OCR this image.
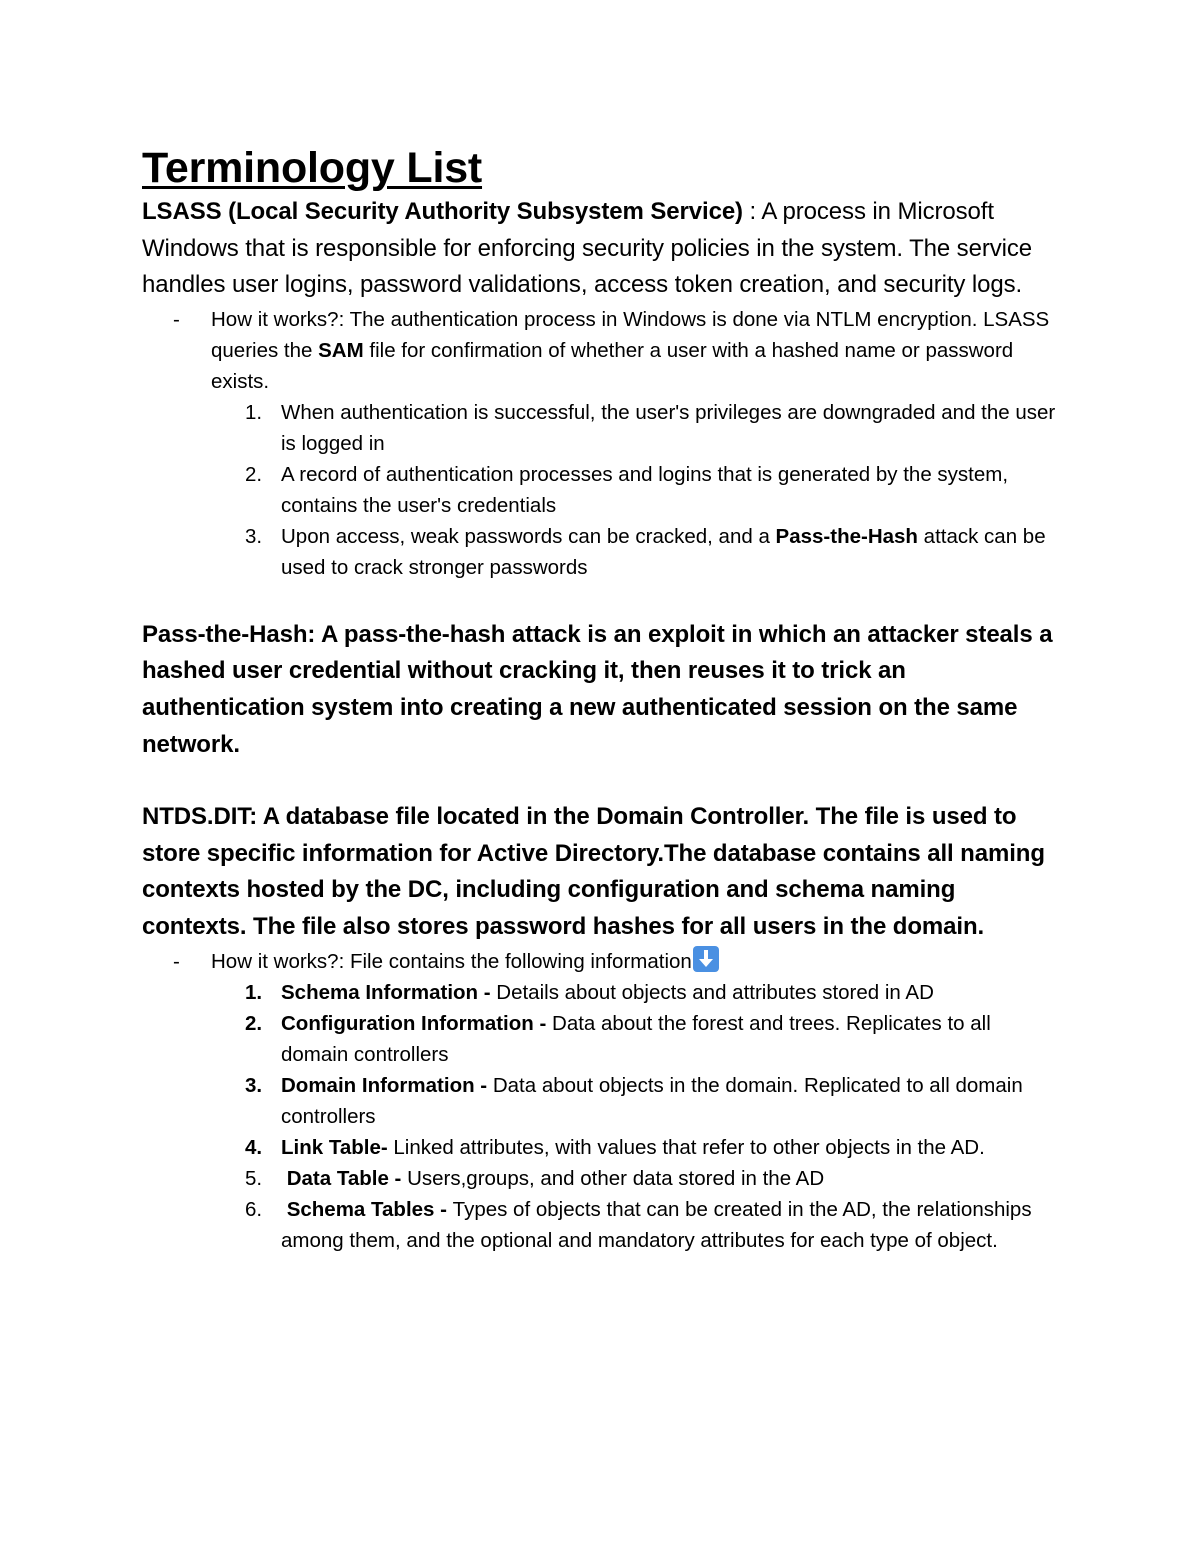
Terminology List

LSASS (Local Security Authority Subsystem Service) : A process in Microsoft Windows that is responsible for enforcing security policies in the system. The service handles user logins, password validations, access token creation, and security logs.

- How it works?: The authentication process in Windows is done via NTLM encryption. LSASS queries the SAM file for confirmation of whether a user with a hashed name or password exists.
1. When authentication is successful, the user's privileges are downgraded and the user is logged in
2. A record of authentication processes and logins that is generated by the system, contains the user's credentials
3. Upon access, weak passwords can be cracked, and a Pass-the-Hash attack can be used to crack stronger passwords

Pass-the-Hash: A pass-the-hash attack is an exploit in which an attacker steals a hashed user credential without cracking it, then reuses it to trick an authentication system into creating a new authenticated session on the same network.

NTDS.DIT: A database file located in the Domain Controller. The file is used to store specific information for Active Directory.The database contains all naming contexts hosted by the DC, including configuration and schema naming contexts. The file also stores password hashes for all users in the domain.

- How it works?: File contains the following information
1. Schema Information - Details about objects and attributes stored in AD
2. Configuration Information - Data about the forest and trees. Replicates to all domain controllers
3. Domain Information - Data about objects in the domain. Replicated to all domain controllers
4. Link Table- Linked attributes, with values that refer to other objects in the AD.
5. Data Table - Users,groups, and other data stored in the AD
6. Schema Tables - Types of objects that can be created in the AD, the relationships among them, and the optional and mandatory attributes for each type of object.
